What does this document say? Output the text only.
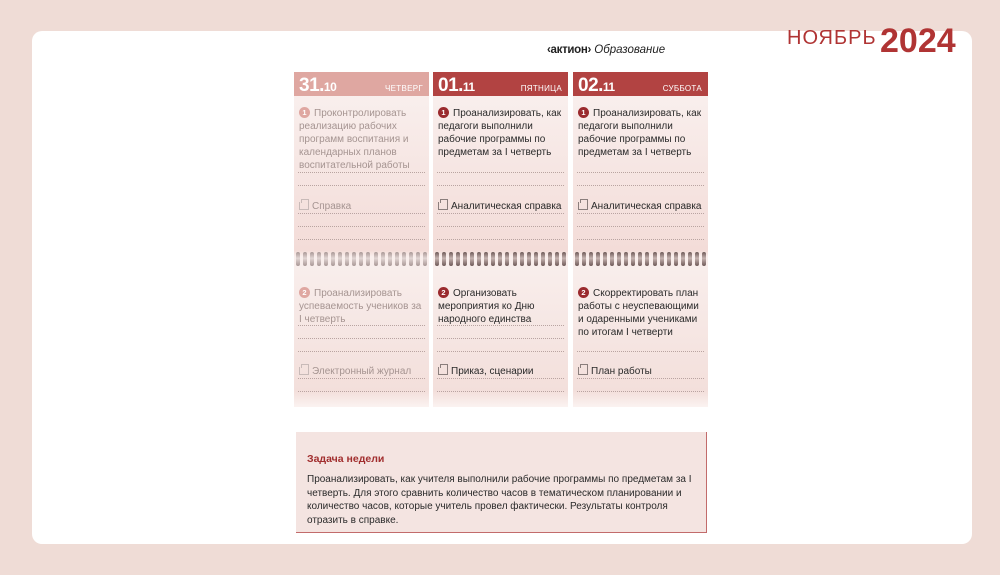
НОЯБРЬ 2024
‹актион› Образование
31.10	ЧЕТВЕРГ
1 Проконтролировать реализацию рабочих программ воспитания и календарных планов воспитательной работы
Справка
2 Проанализировать успеваемость учеников за I четверть
Электронный журнал
01.11	ПЯТНИЦА
1 Проанализировать, как педагоги выполнили рабочие программы по предметам за I четверть
Аналитическая справка
2 Организовать мероприятия ко Дню народного единства
Приказ, сценарии
02.11	СУББОТА
1 Проанализировать, как педагоги выполнили рабочие программы по предметам за I четверть
Аналитическая справка
2 Скорректировать план работы с неуспевающими и одаренными учениками по итогам I четверти
План работы
Задача недели
Проанализировать, как учителя выполнили рабочие программы по предметам за I четверть. Для этого сравнить количество часов в тематическом планировании и количество часов, которые учитель провел фактически. Результаты контроля отразить в справке.
